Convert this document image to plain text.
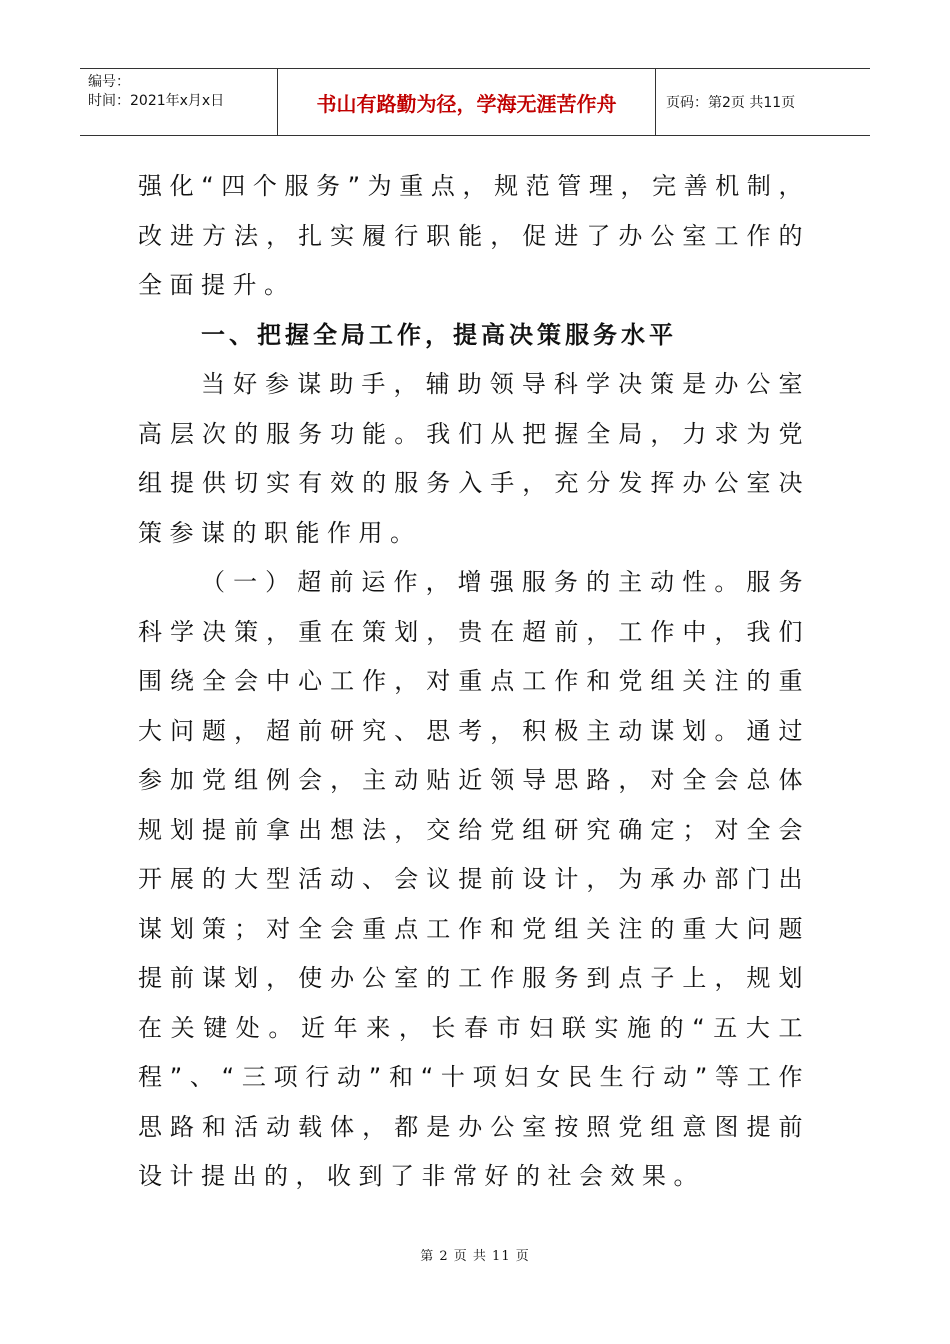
编号：
时间：2021年x月x日	书山有路勤为径，学海无涯苦作舟	页码：第2页 共11页

强化“四个服务”为重点，规范管理，完善机制，改进方法，扎实履行职能，促进了办公室工作的全面提升。

一、把握全局工作，提高决策服务水平

当好参谋助手，辅助领导科学决策是办公室高层次的服务功能。我们从把握全局，力求为党组提供切实有效的服务入手，充分发挥办公室决策参谋的职能作用。

（一）超前运作，增强服务的主动性。服务科学决策，重在策划，贵在超前，工作中，我们围绕全会中心工作，对重点工作和党组关注的重大问题，超前研究、思考，积极主动谋划。通过参加党组例会，主动贴近领导思路，对全会总体规划提前拿出想法，交给党组研究确定；对全会开展的大型活动、会议提前设计，为承办部门出谋划策；对全会重点工作和党组关注的重大问题提前谋划，使办公室的工作服务到点子上，规划在关键处。近年来，长春市妇联实施的“五大工程”、“三项行动”和“十项妇女民生行动”等工作思路和活动载体，都是办公室按照党组意图提前设计提出的，收到了非常好的社会效果。

第 2 页 共 11 页
